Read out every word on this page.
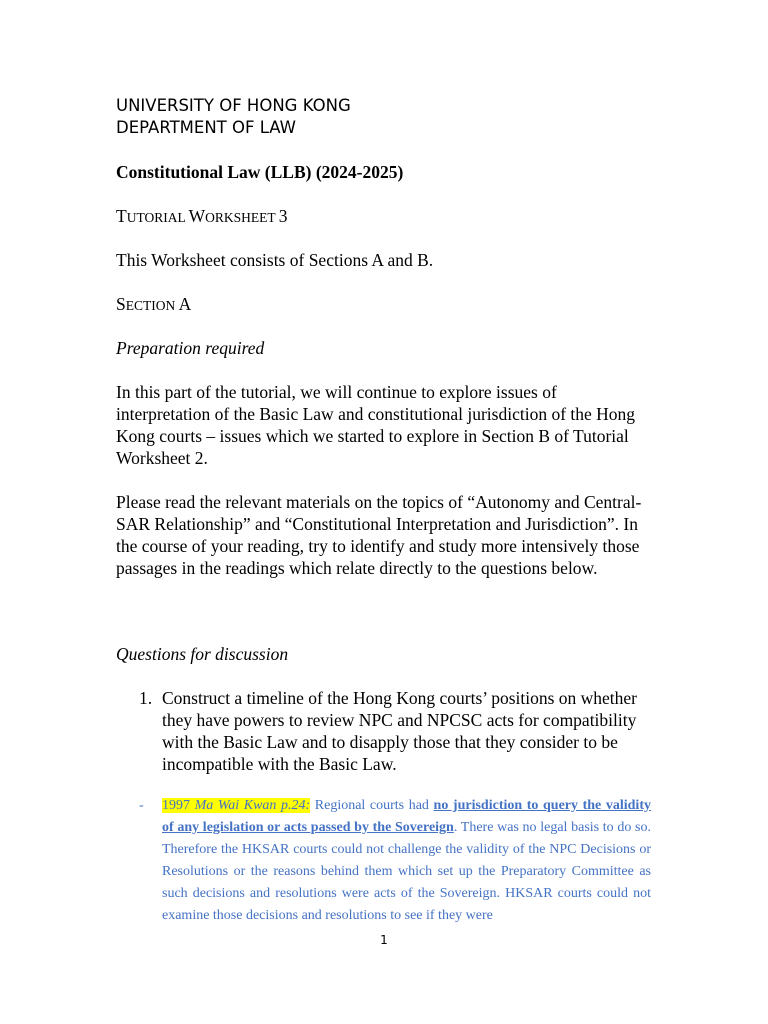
UNIVERSITY OF HONG KONG
DEPARTMENT OF LAW
Constitutional Law (LLB) (2024-2025)
TUTORIAL WORKSHEET 3
This Worksheet consists of Sections A and B.
SECTION A
Preparation required
In this part of the tutorial, we will continue to explore issues of interpretation of the Basic Law and constitutional jurisdiction of the Hong Kong courts – issues which we started to explore in Section B of Tutorial Worksheet 2.
Please read the relevant materials on the topics of “Autonomy and Central-SAR Relationship” and “Constitutional Interpretation and Jurisdiction”. In the course of your reading, try to identify and study more intensively those passages in the readings which relate directly to the questions below.
Questions for discussion
1. Construct a timeline of the Hong Kong courts’ positions on whether they have powers to review NPC and NPCSC acts for compatibility with the Basic Law and to disapply those that they consider to be incompatible with the Basic Law.
- 1997 Ma Wai Kwan p.24: Regional courts had no jurisdiction to query the validity of any legislation or acts passed by the Sovereign. There was no legal basis to do so. Therefore the HKSAR courts could not challenge the validity of the NPC Decisions or Resolutions or the reasons behind them which set up the Preparatory Committee as such decisions and resolutions were acts of the Sovereign. HKSAR courts could not examine those decisions and resolutions to see if they were
1
